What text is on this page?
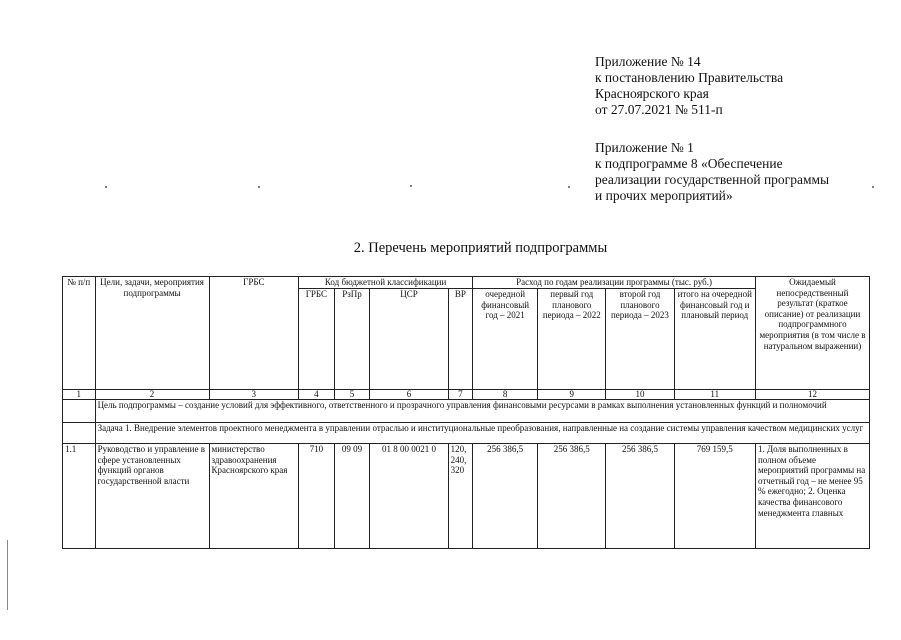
Приложение № 14
к постановлению Правительства
Красноярского края
от 27.07.2021 № 511-п
Приложение № 1
к подпрограмме 8 «Обеспечение
реализации государственной программы
и прочих мероприятий»
2. Перечень мероприятий подпрограммы
№ п/п	Цели, задачи, мероприятия подпрограммы	ГРБС	Код бюджетной классификации				Расход по годам реализации программы (тыс. руб.)				Ожидаемый непосредственный результат (краткое описание) от реализации подпрограммного мероприятия (в том числе в натуральном выражении)
			ГРБС	РзПр	ЦСР	ВР	очередной финансовый год – 2021	первый год планового периода – 2022	второй год планового периода – 2023	итого на очередной финансовый год и плановый период	
1	2	3	4	5	6	7	8	9	10	11	12
	Цель подпрограммы – создание условий для эффективного, ответственного и прозрачного управления финансовыми ресурсами в рамках выполнения установленных функций и полномочий										
	Задача 1. Внедрение элементов проектного менеджмента в управлении отраслью и институциональные преобразования, направленные на создание системы управления качеством медицинских услуг										
1.1	Руководство и управление в сфере установленных функций органов государственной власти	министерство здравоохранения Красноярского края	710	09 09	01 8 00 0021 0	120, 240, 320	256 386,5	256 386,5	256 386,5	769 159,5	1. Доля выполненных в полном объеме мероприятий программы на отчетный год – не менее 95 % ежегодно; 2. Оценка качества финансового менеджмента главных
